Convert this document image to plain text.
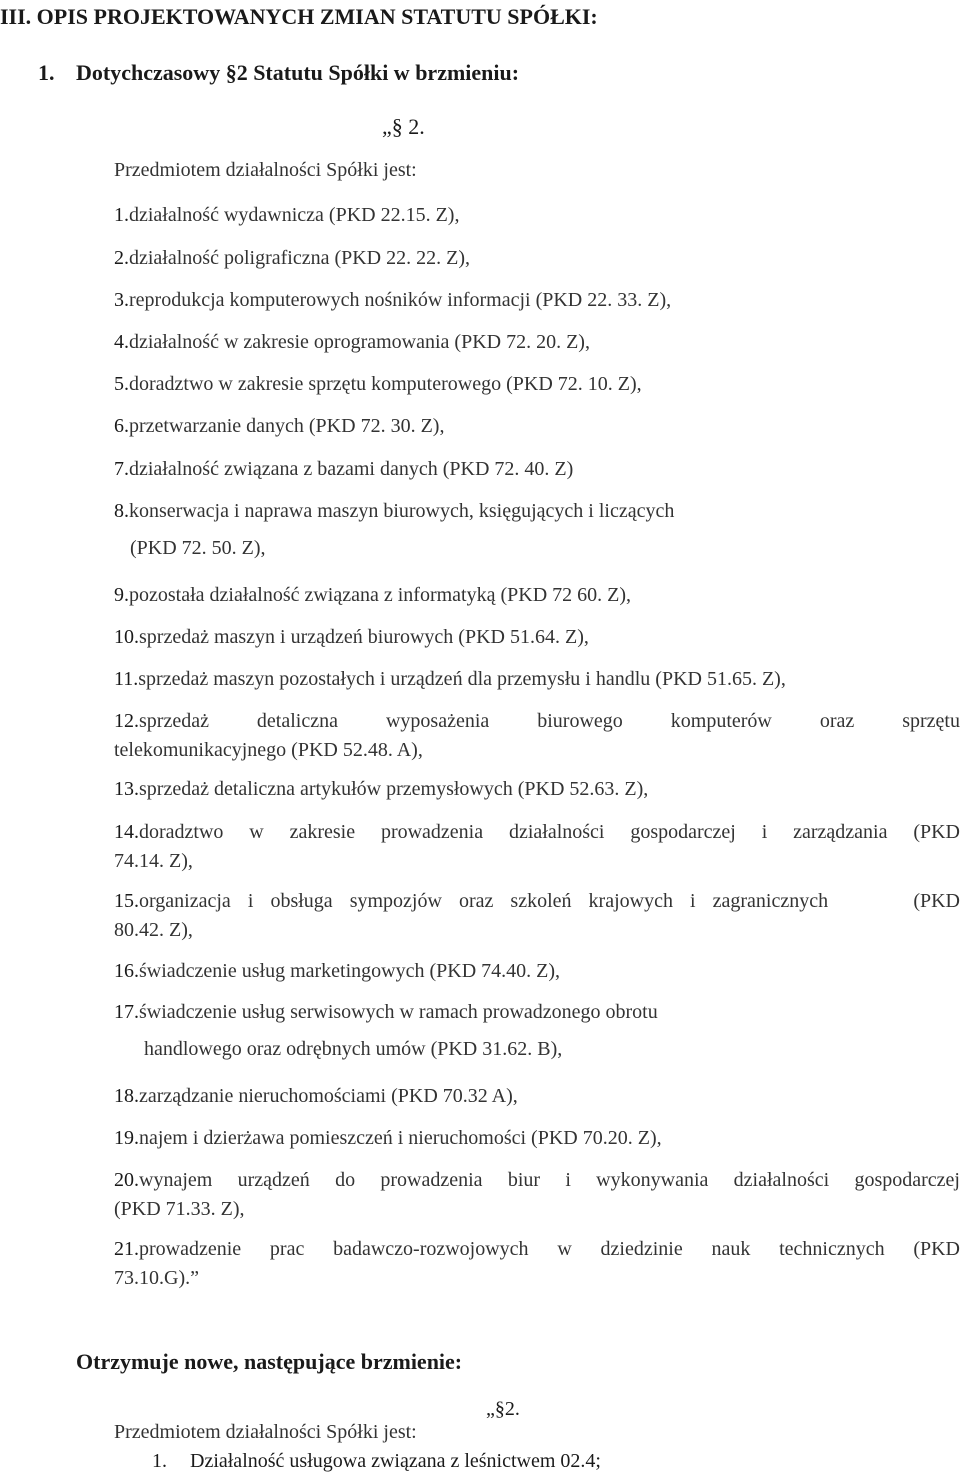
III. OPIS PROJEKTOWANYCH ZMIAN STATUTU SPÓŁKI:
1. Dotychczasowy §2 Statutu Spółki w brzmieniu:
„§ 2.
Przedmiotem działalności Spółki jest:
1.działalność wydawnicza (PKD 22.15. Z),
2.działalność poligraficzna (PKD 22. 22. Z),
3.reprodukcja komputerowych nośników informacji (PKD 22. 33. Z),
4.działalność w zakresie oprogramowania (PKD 72. 20. Z),
5.doradztwo w zakresie sprzętu komputerowego (PKD 72. 10. Z),
6.przetwarzanie danych (PKD 72. 30. Z),
7.działalność związana z bazami danych (PKD 72. 40. Z)
8.konserwacja i naprawa maszyn biurowych, księgujących i liczących
(PKD 72. 50. Z),
9.pozostała działalność związana z informatyką (PKD 72 60. Z),
10.sprzedaż maszyn i urządzeń biurowych (PKD 51.64. Z),
11.sprzedaż maszyn pozostałych i urządzeń dla przemysłu i handlu (PKD 51.65. Z),
12.sprzedaż detaliczna wyposażenia biurowego komputerów oraz sprzętu
telekomunikacyjnego (PKD 52.48. A),
13.sprzedaż detaliczna artykułów przemysłowych (PKD 52.63. Z),
14.doradztwo w zakresie prowadzenia działalności gospodarczej i zarządzania (PKD
74.14. Z),
15.organizacja i obsługa sympozjów oraz szkoleń krajowych i zagranicznych     (PKD
80.42. Z),
16.świadczenie usług marketingowych (PKD 74.40. Z),
17.świadczenie usług serwisowych w ramach prowadzonego obrotu
handlowego oraz odrębnych umów (PKD 31.62. B),
18.zarządzanie nieruchomościami (PKD 70.32 A),
19.najem i dzierżawa pomieszczeń i nieruchomości (PKD 70.20. Z),
20.wynajem urządzeń do prowadzenia biur i wykonywania działalności gospodarczej
(PKD 71.33. Z),
21.prowadzenie prac badawczo-rozwojowych w dziedzinie nauk technicznych (PKD
73.10.G).”
Otrzymuje nowe, następujące brzmienie:
„§2.
Przedmiotem działalności Spółki jest:
1. Działalność usługowa związana z leśnictwem 02.4;
